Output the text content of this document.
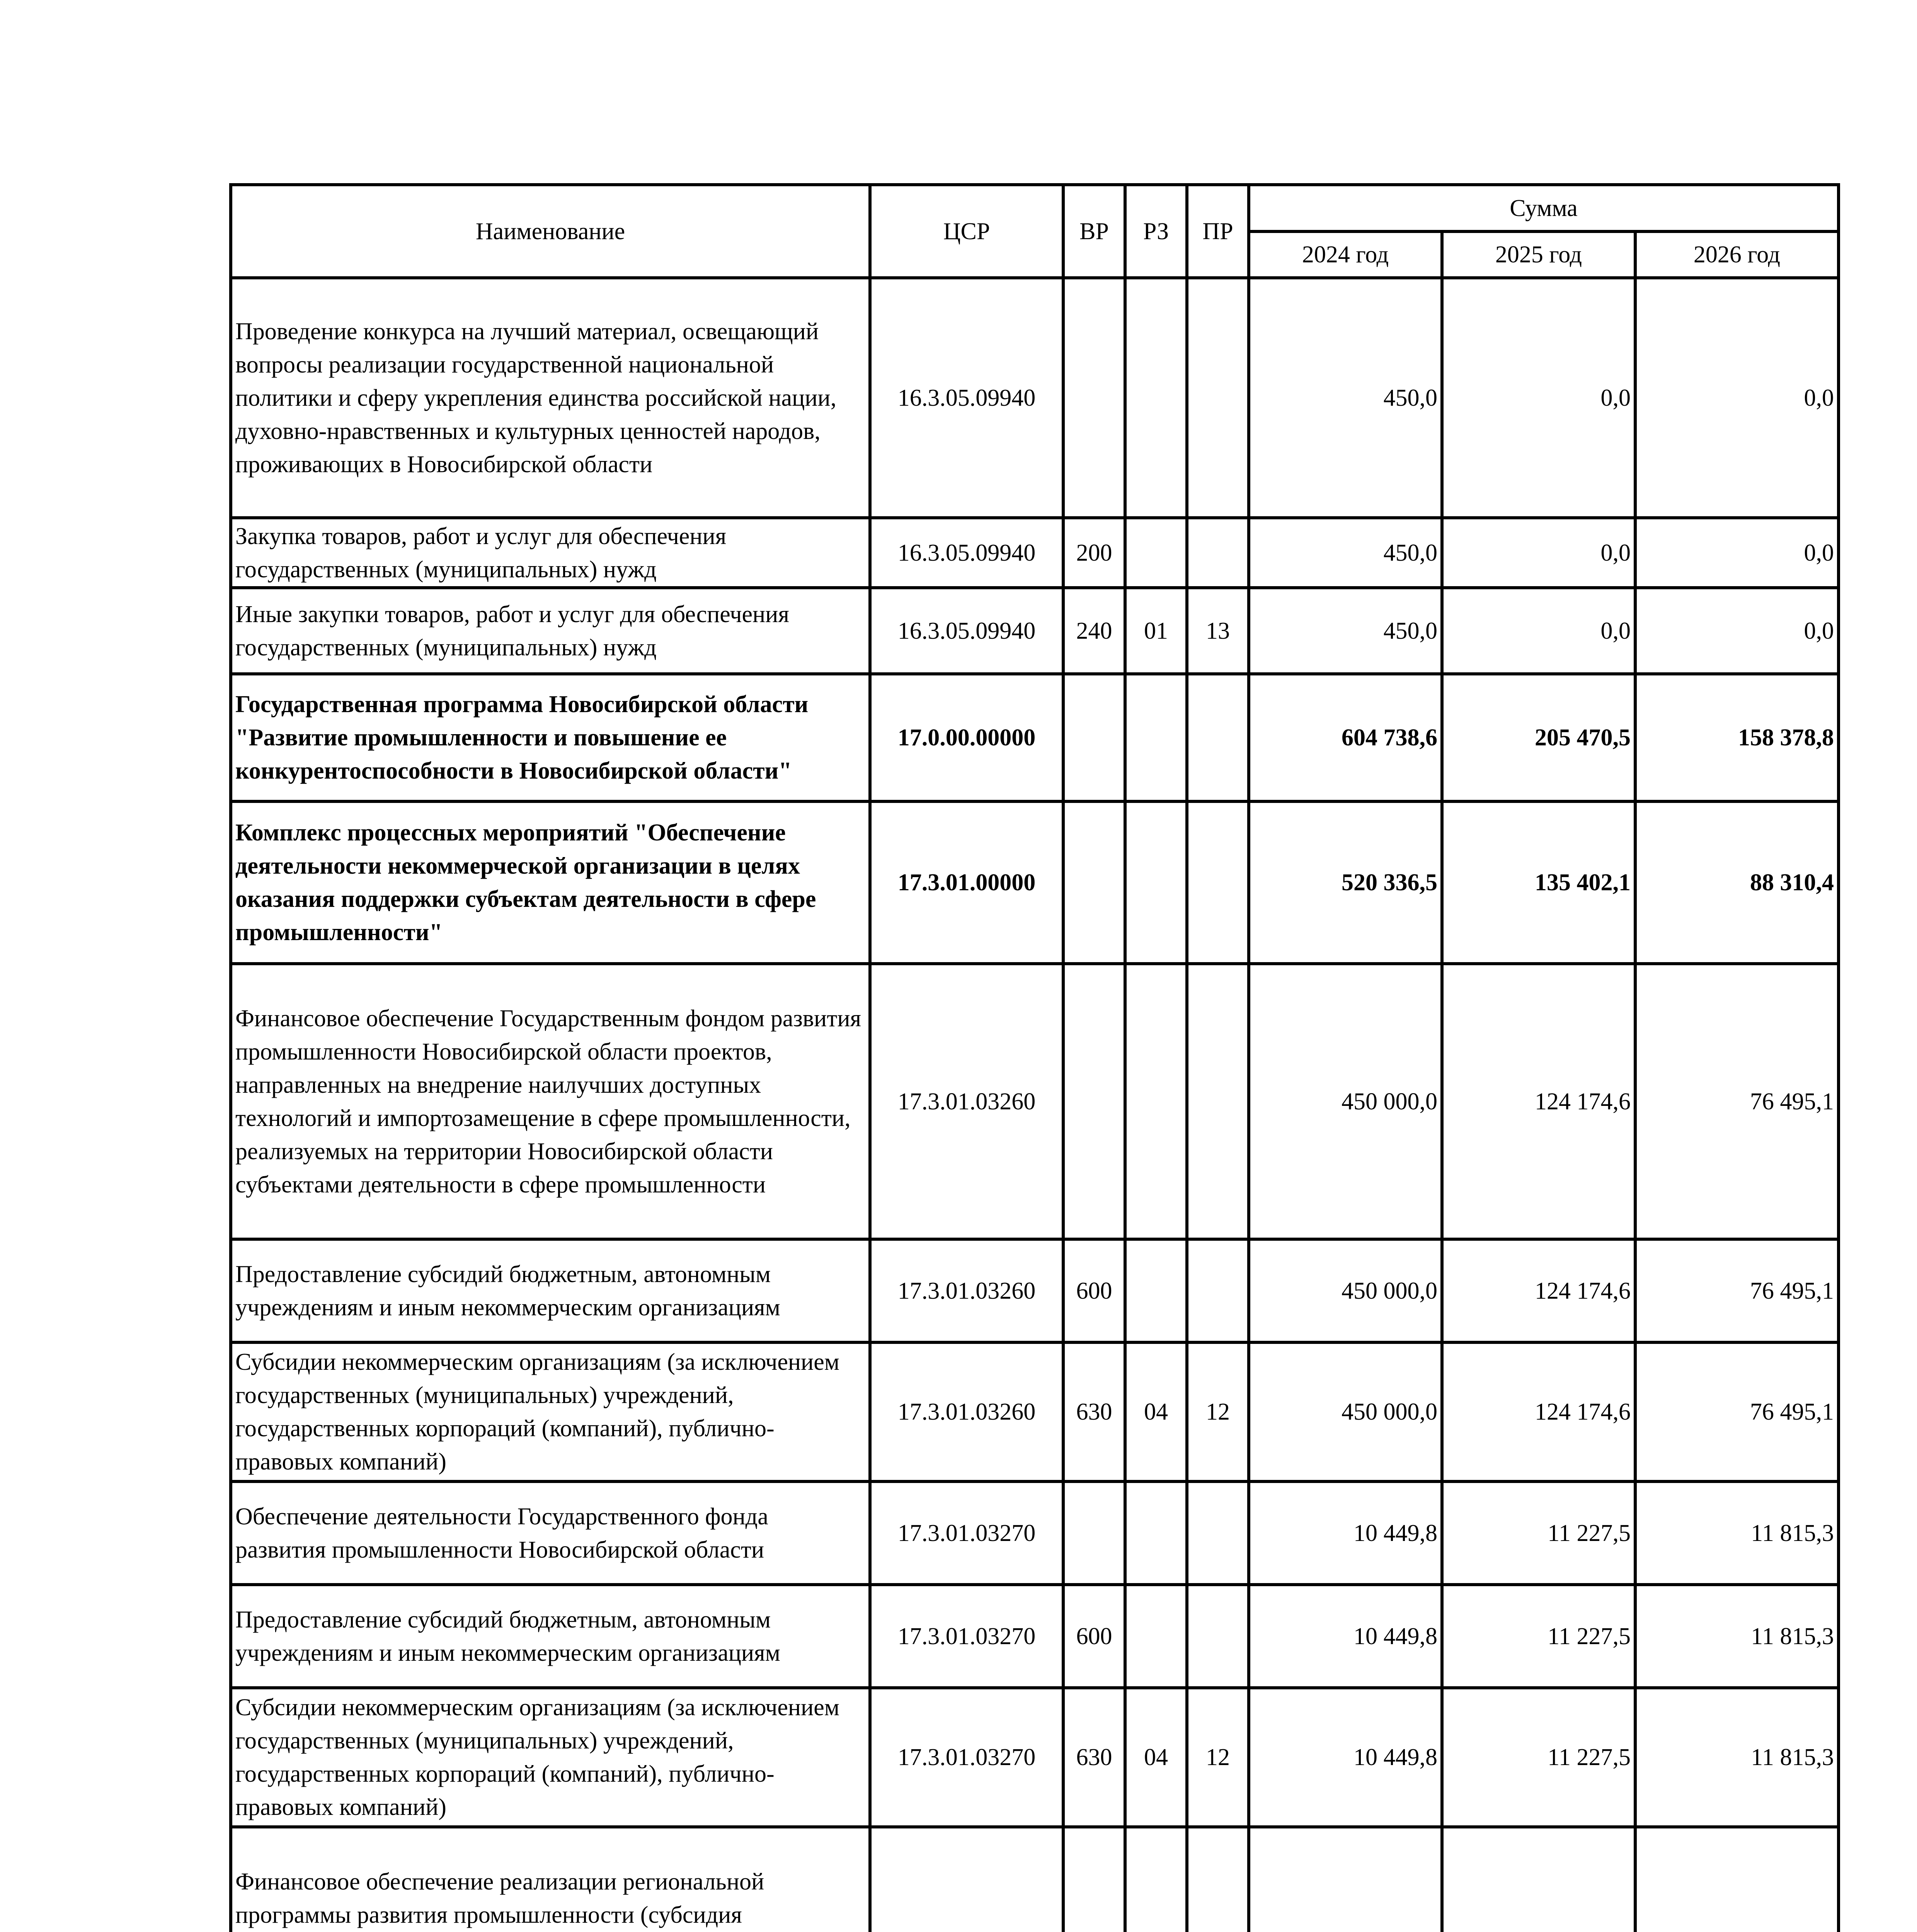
Наименование	ЦСР	ВР	РЗ	ПР	Сумма		
					2024 год	2025 год	2026 год
Проведение конкурса на лучший материал, освещающий вопросы реализации государственной национальной политики и сферу укрепления единства российской нации, духовно-нравственных и культурных ценностей народов, проживающих в Новосибирской области	16.3.05.09940				450,0	0,0	0,0
Закупка товаров, работ и услуг для обеспечения государственных (муниципальных) нужд	16.3.05.09940	200			450,0	0,0	0,0
Иные закупки товаров, работ и услуг для обеспечения государственных (муниципальных) нужд	16.3.05.09940	240	01	13	450,0	0,0	0,0
Государственная программа Новосибирской области "Развитие промышленности и повышение ее конкурентоспособности в Новосибирской области"	17.0.00.00000				604 738,6	205 470,5	158 378,8
Комплекс процессных мероприятий "Обеспечение деятельности некоммерческой организации в целях оказания поддержки субъектам деятельности в сфере промышленности"	17.3.01.00000				520 336,5	135 402,1	88 310,4
Финансовое обеспечение Государственным фондом развития промышленности Новосибирской области проектов, направленных на внедрение наилучших доступных технологий и импортозамещение в сфере промышленности, реализуемых на территории Новосибирской области субъектами деятельности в сфере промышленности	17.3.01.03260				450 000,0	124 174,6	76 495,1
Предоставление субсидий бюджетным, автономным учреждениям и иным некоммерческим организациям	17.3.01.03260	600			450 000,0	124 174,6	76 495,1
Субсидии некоммерческим организациям (за исключением государственных (муниципальных) учреждений, государственных корпораций (компаний), публично-правовых компаний)	17.3.01.03260	630	04	12	450 000,0	124 174,6	76 495,1
Обеспечение деятельности Государственного фонда развития промышленности Новосибирской области	17.3.01.03270				10 449,8	11 227,5	11 815,3
Предоставление субсидий бюджетным, автономным учреждениям и иным некоммерческим организациям	17.3.01.03270	600			10 449,8	11 227,5	11 815,3
Субсидии некоммерческим организациям (за исключением государственных (муниципальных) учреждений, государственных корпораций (компаний), публично-правовых компаний)	17.3.01.03270	630	04	12	10 449,8	11 227,5	11 815,3
Финансовое обеспечение реализации региональной программы развития промышленности (субсидия							
